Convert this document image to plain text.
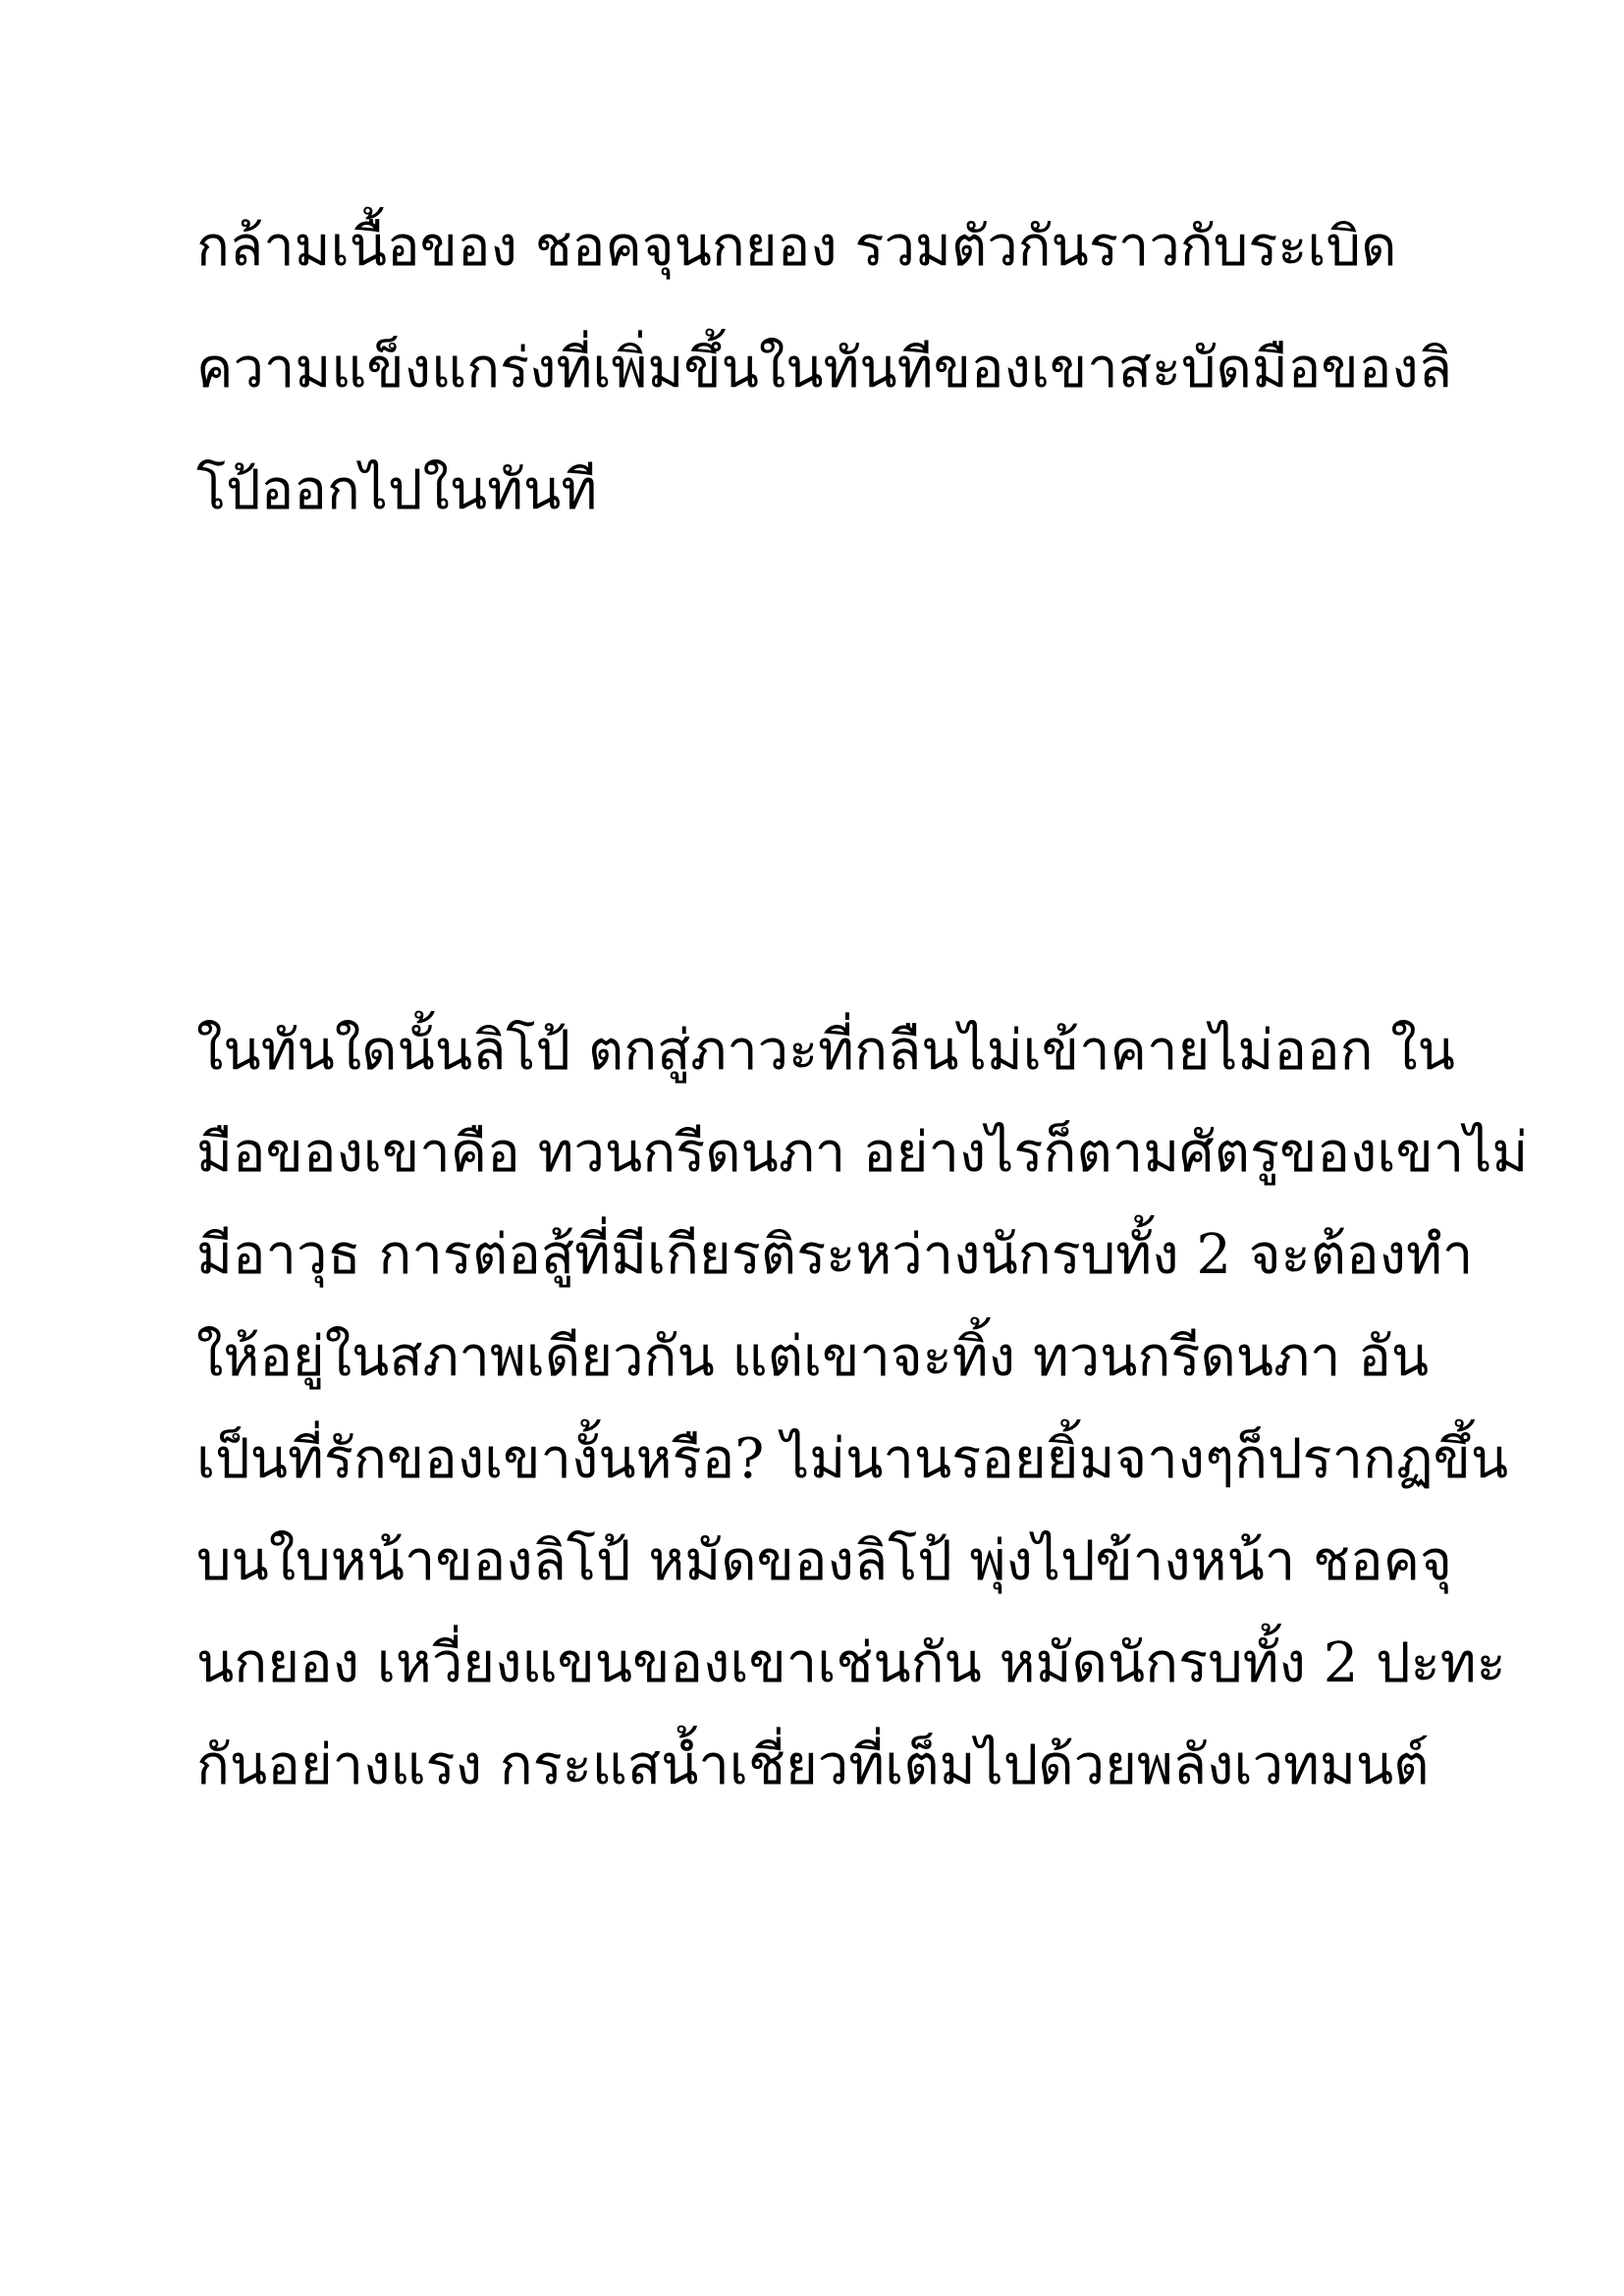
กล้ามเนื้อของ ชอคจุนกยอง รวมตัวกันราวกับระเบิด

ความแข็งแกร่งที่เพิ่มขึ้นในทันทีของเขาสะบัดมือของลิ

โป้ออกไปในทันที

ในทันใดนั้นลิโป้ ตกสู่ภาวะที่กลืนไม่เข้าคายไม่ออก ใน

มือของเขาคือ ทวนกรีดนภา อย่างไรก็ตามศัตรูของเขาไม่

มีอาวุธ การต่อสู้ที่มีเกียรติระหว่างนักรบทั้ง 2 จะต้องทำ

ให้อยู่ในสภาพเดียวกัน แต่เขาจะทิ้ง ทวนกรีดนภา อัน

เป็นที่รักของเขางั้นหรือ? ไม่นานรอยยิ้มจางๆก็ปรากฏขึ้น

บนใบหน้าของลิโป้ หมัดของลิโป้ พุ่งไปข้างหน้า ชอคจุ

นกยอง เหวี่ยงแขนของเขาเช่นกัน หมัดนักรบทั้ง 2 ปะทะ

กันอย่างแรง กระแสน้ำเชี่ยวที่เต็มไปด้วยพลังเวทมนต์
